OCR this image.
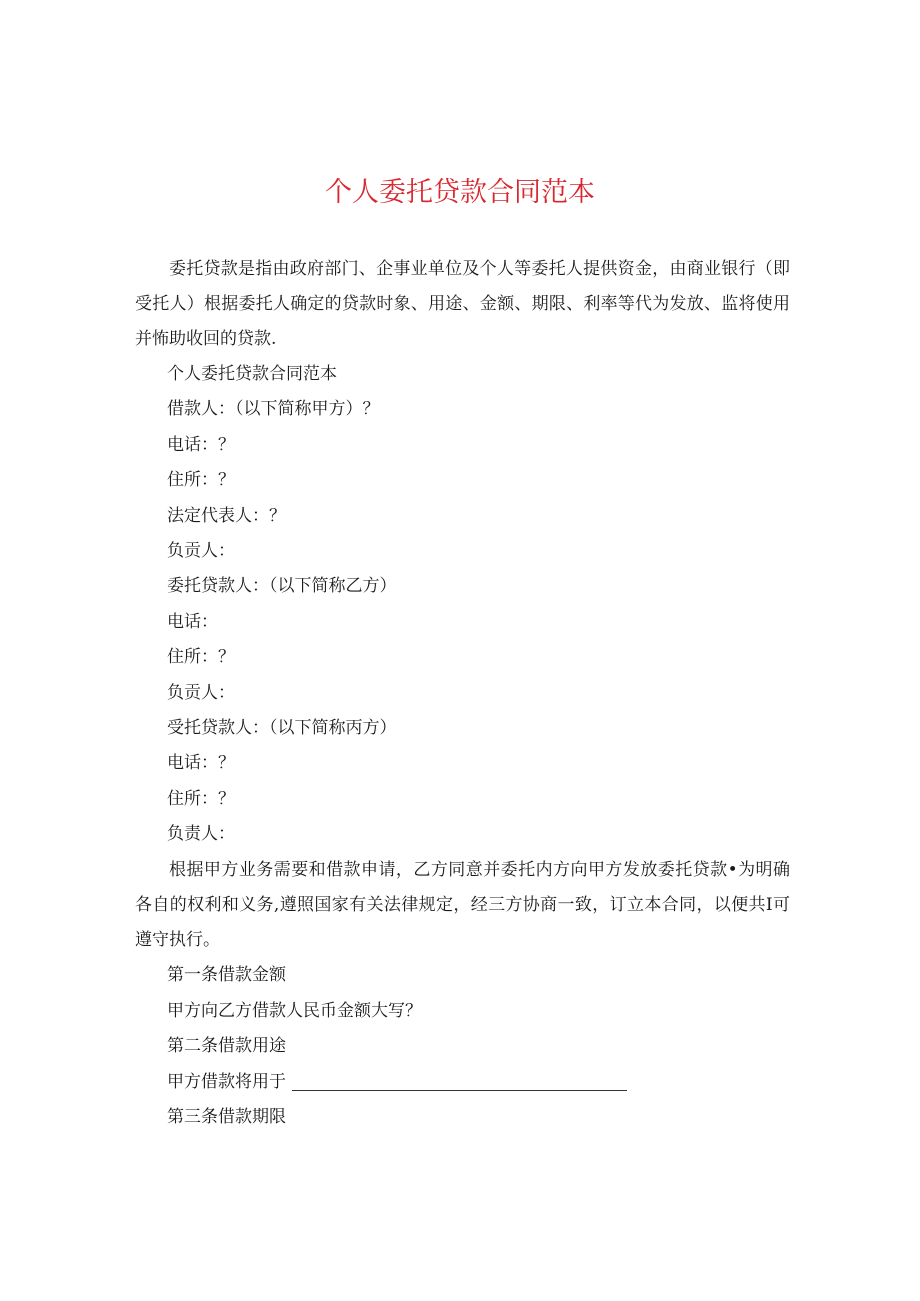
个人委托贷款合同范本

委托贷款是指由政府部门、企事业单位及个人等委托人提供资金，由商业银行（即受托人）根据委托人确定的贷款时象、用途、金额、期限、利率等代为发放、监将使用并怖助收回的贷款.

个人委托贷款合同范本
借款人：（以下简称甲方）？
电话：？
住所：？
法定代表人：？
负贡人：
委托贷款人：（以下简称乙方）
电话：
住所：？
负贡人：
受托贷款人：（以下简称丙方）
电话：？
住所：？
负责人：

根据甲方业务需要和借款申请，乙方同意并委托内方向甲方发放委托贷款•为明确各自的权利和义务,遵照国家有关法律规定，经三方协商一致，订立本合同，以便共I可遵守执行。

第一条借款金额
甲方向乙方借款人民币金额大写？
第二条借款用途
甲方借款将用于
第三条借款期限
